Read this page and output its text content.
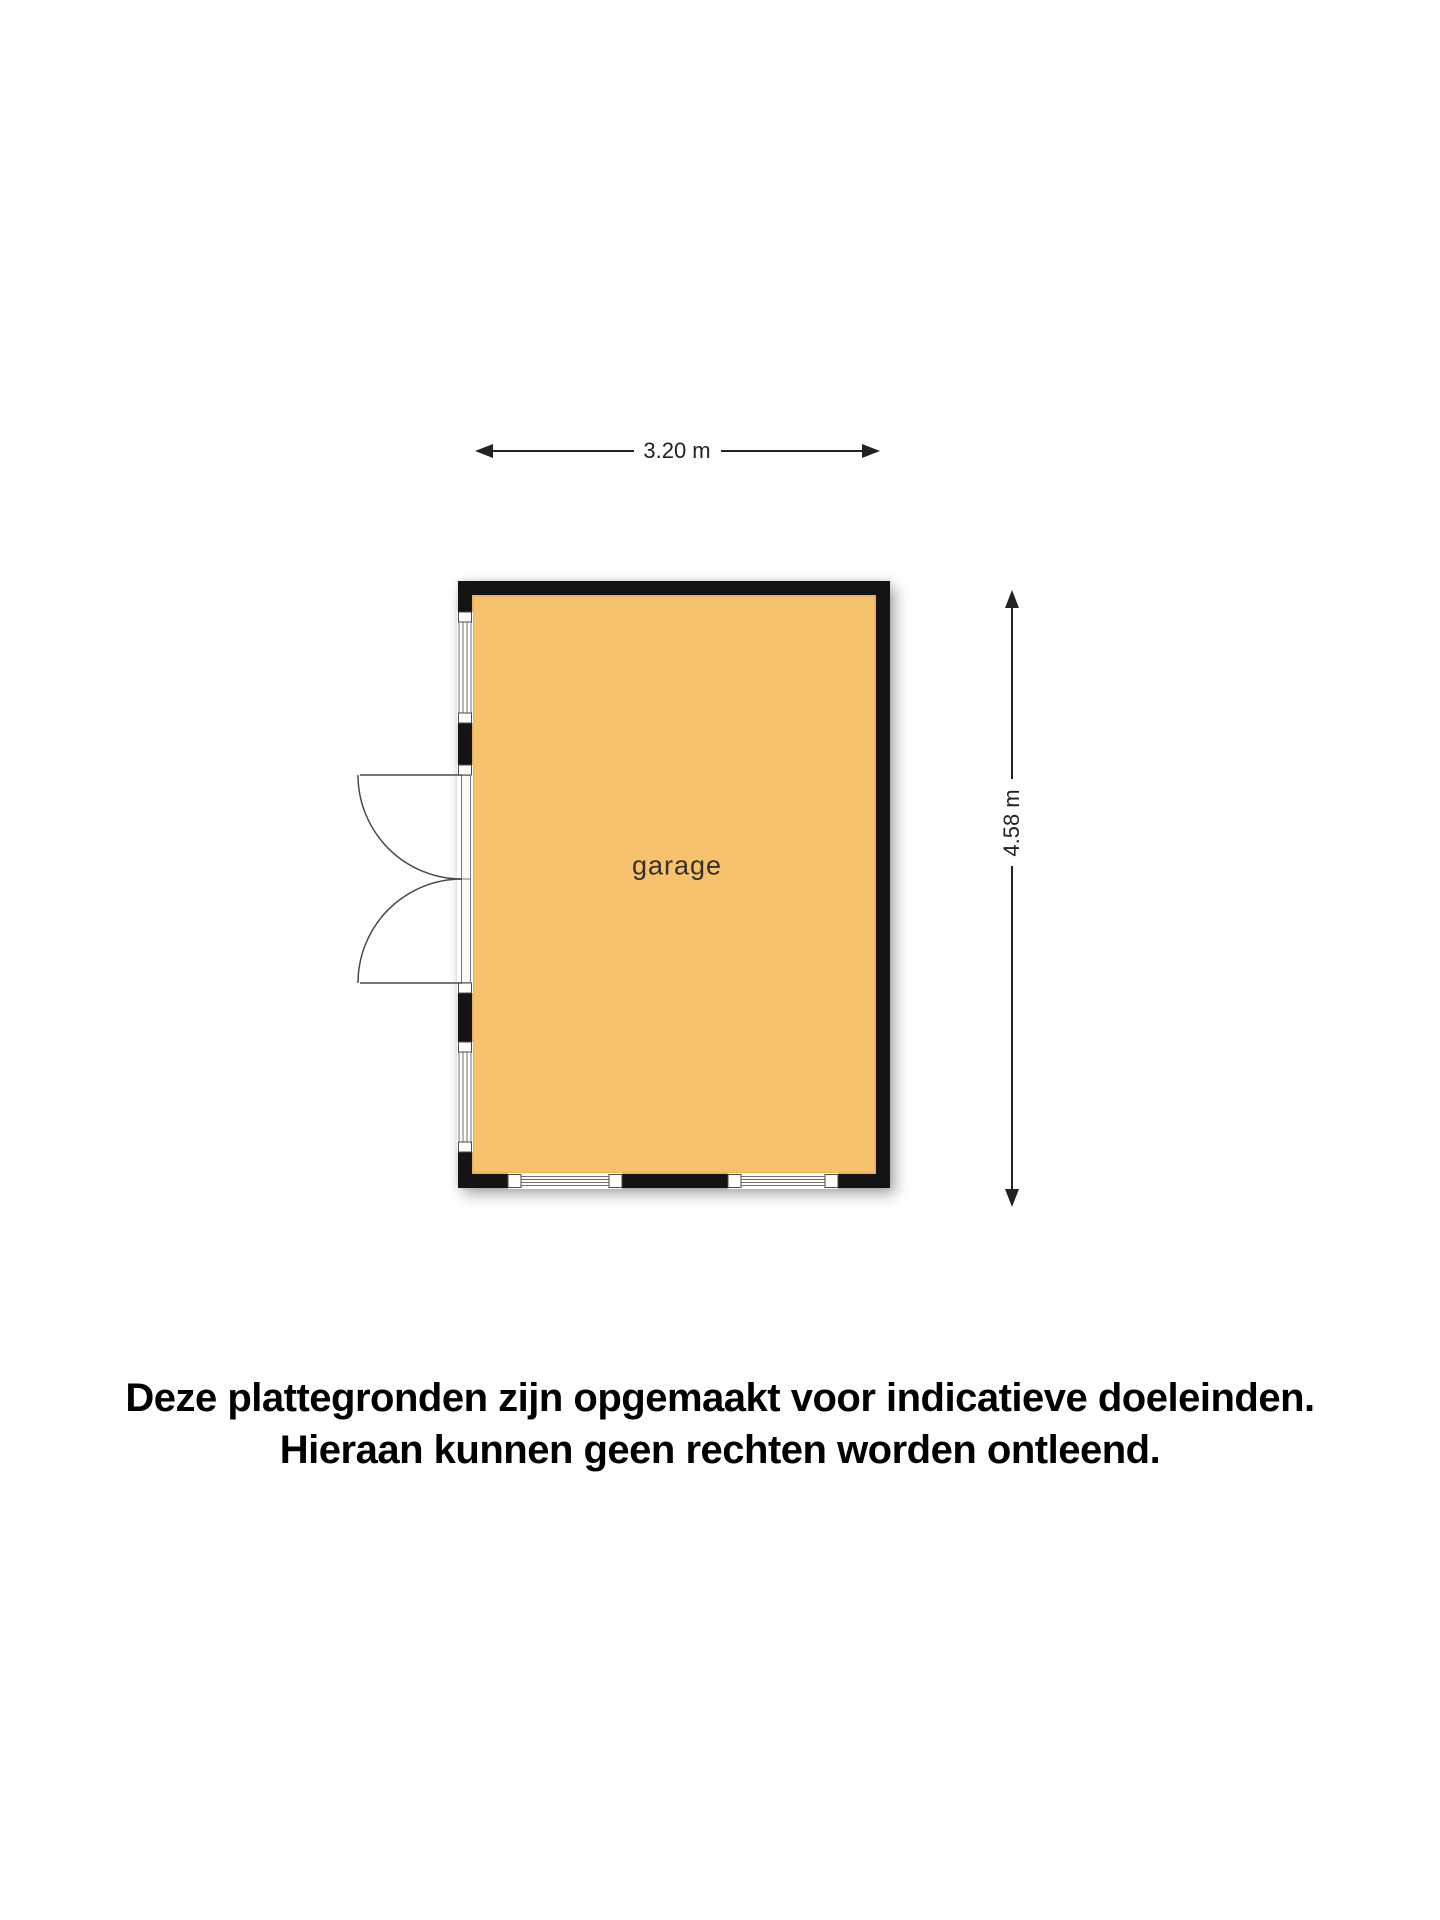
3.20 m
4.58 m
garage
Deze plattegronden zijn opgemaakt voor indicatieve doeleinden.
Hieraan kunnen geen rechten worden ontleend.
